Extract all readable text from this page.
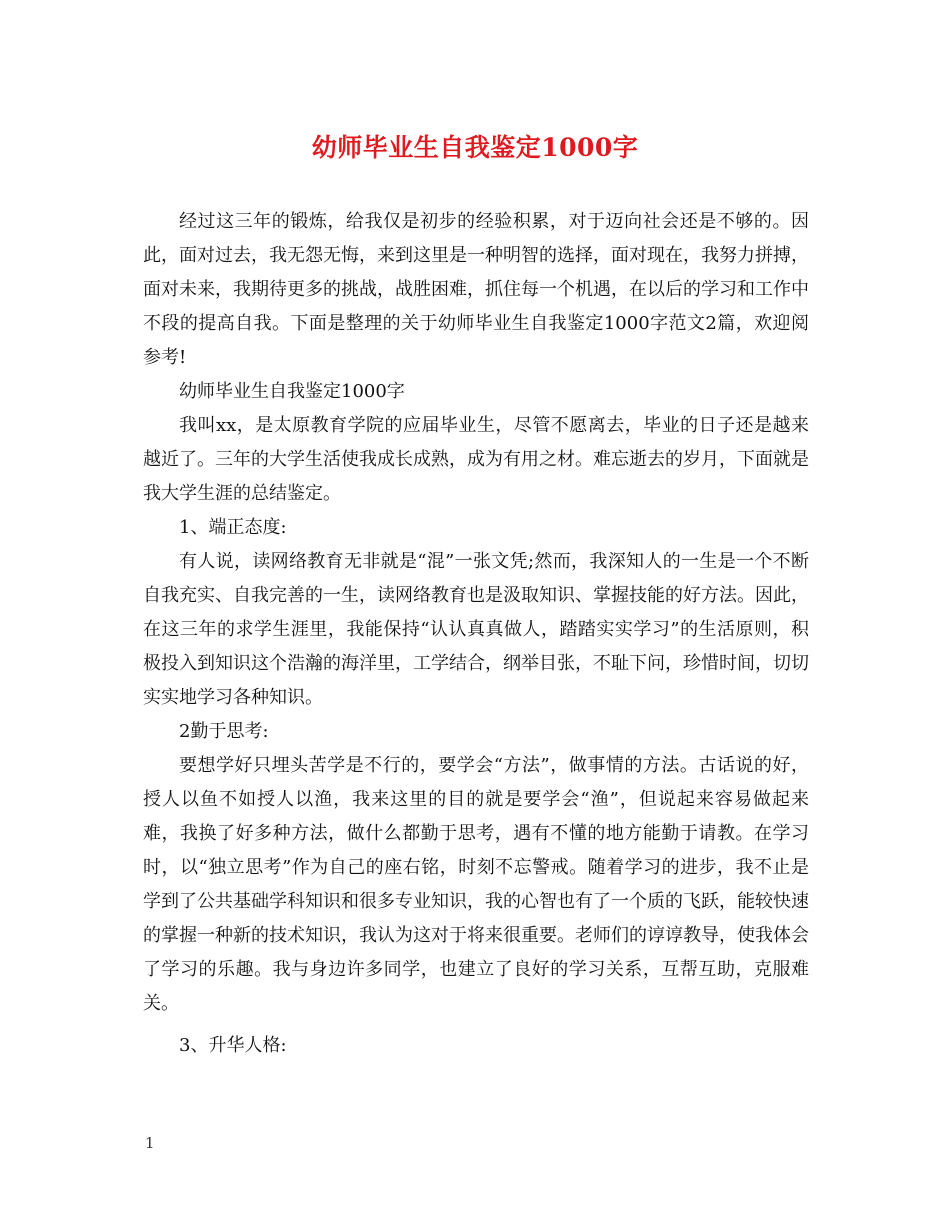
幼师毕业生自我鉴定1000字

经过这三年的锻炼，给我仅是初步的经验积累，对于迈向社会还是不够的。因此，面对过去，我无怨无悔，来到这里是一种明智的选择，面对现在，我努力拼搏，面对未来，我期待更多的挑战，战胜困难，抓住每一个机遇，在以后的学习和工作中不段的提高自我。下面是整理的关于幼师毕业生自我鉴定1000字范文2篇，欢迎阅参考!

幼师毕业生自我鉴定1000字

我叫xx，是太原教育学院的应届毕业生，尽管不愿离去，毕业的日子还是越来越近了。三年的大学生活使我成长成熟，成为有用之材。难忘逝去的岁月，下面就是我大学生涯的总结鉴定。

1、端正态度:

有人说，读网络教育无非就是“混”一张文凭;然而，我深知人的一生是一个不断自我充实、自我完善的一生，读网络教育也是汲取知识、掌握技能的好方法。因此，在这三年的求学生涯里，我能保持“认认真真做人，踏踏实实学习”的生活原则，积极投入到知识这个浩瀚的海洋里，工学结合，纲举目张，不耻下问，珍惜时间，切切实实地学习各种知识。

2勤于思考:

要想学好只埋头苦学是不行的，要学会“方法”，做事情的方法。古话说的好，授人以鱼不如授人以渔，我来这里的目的就是要学会“渔”，但说起来容易做起来难，我换了好多种方法，做什么都勤于思考，遇有不懂的地方能勤于请教。在学习时，以“独立思考”作为自己的座右铭，时刻不忘警戒。随着学习的进步，我不止是学到了公共基础学科知识和很多专业知识，我的心智也有了一个质的飞跃，能较快速的掌握一种新的技术知识，我认为这对于将来很重要。老师们的谆谆教导，使我体会了学习的乐趣。我与身边许多同学，也建立了良好的学习关系，互帮互助，克服难关。

3、升华人格:

1
